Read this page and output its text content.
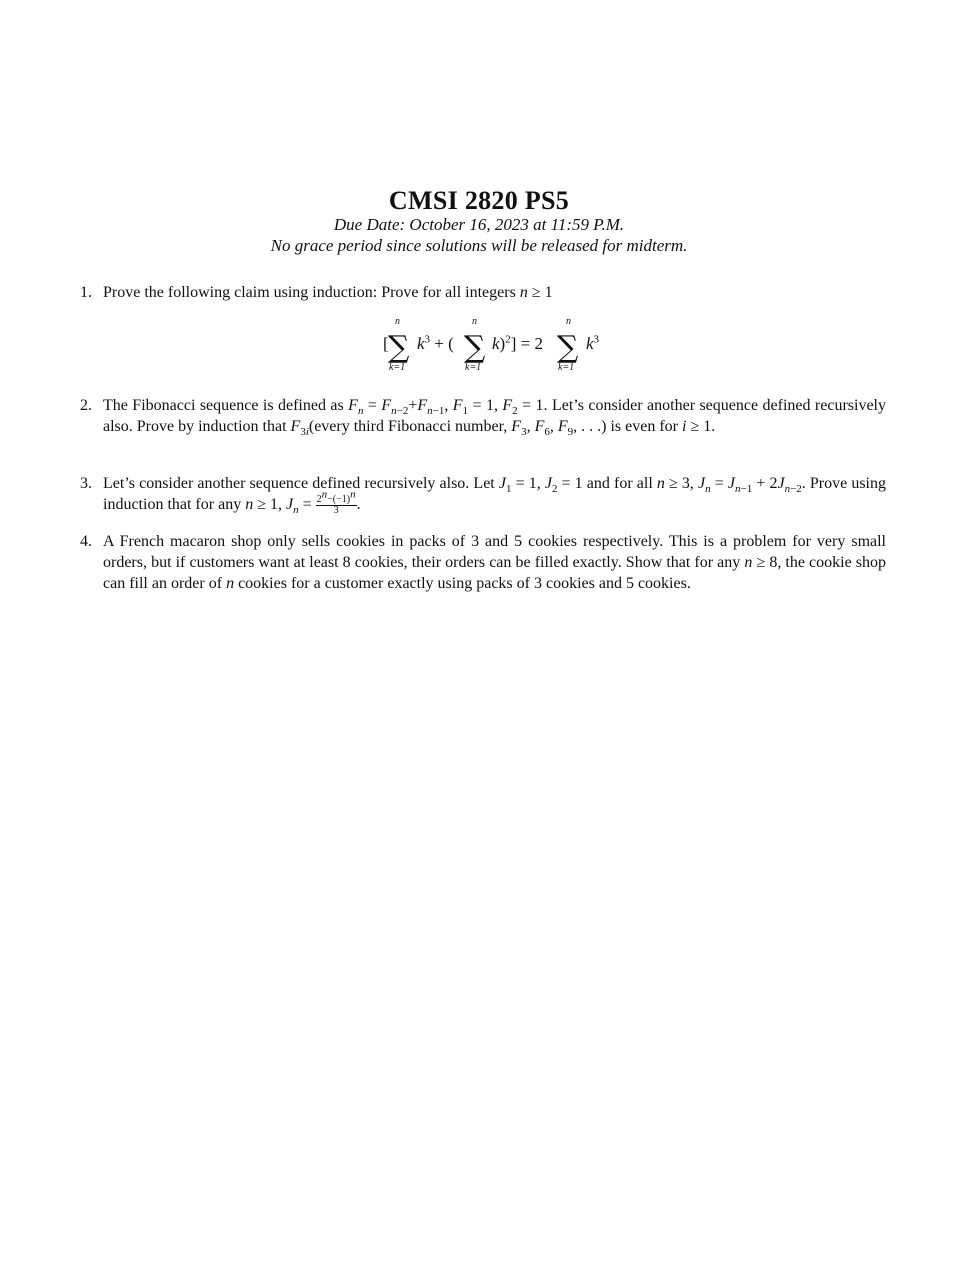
CMSI 2820 PS5
Due Date: October 16, 2023 at 11:59 P.M.
No grace period since solutions will be released for midterm.
1. Prove the following claim using induction: Prove for all integers n ≥ 1
[
n
∑
k=1
$k^3$ + (
n
∑
k=1
k)$^2$] = 2
n
∑
k=1
$k^3$
2. The Fibonacci sequence is defined as $F_n = F_{n-2}+F_{n-1}$, $F_1 = 1$, $F_2 = 1$. Let’s consider another sequence defined recursively also. Prove by induction that $F_{3i}(every$ third Fibonacci number, $F_3$, $F_6$, $F_9$, . . .) is even for i ≥ 1.
3. Let’s consider another sequence defined recursively also. Let $J_1 = 1$, $J_2 = 1$ and for all n ≥ 3, $J_n = J_{n-1} + 2J_{n-2}$. Prove using induction that for any n ≥ 1, $J_n = 2^n-(-1)^n$
3 .
4. A French macaron shop only sells cookies in packs of 3 and 5 cookies respectively. This is a problem for very small orders, but if customers want at least 8 cookies, their orders can be filled exactly. Show that for any n ≥ 8, the cookie shop can fill an order of n cookies for a customer exactly using packs of 3 cookies and 5 cookies.
